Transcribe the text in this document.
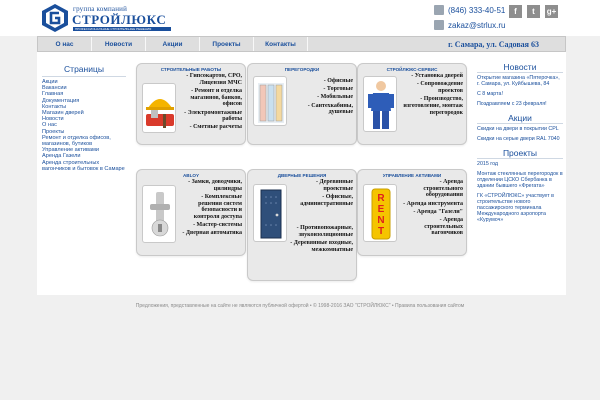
группа компаний
СТРОЙЛЮКС
ПРОФЕССИОНАЛЬНЫЕ СТРОИТЕЛЬНЫЕ РЕШЕНИЯ
(846) 333-40-51
zakaz@strlux.ru
f	t	g+
О нас	Новости	Акции	Проекты	Контакты	г. Самара, ул. Садовая 63
Страницы
Акции
Вакансии
Главная
Документация
Контакты
Магазин дверей
Новости
О нас
Проекты
Ремонт и отделка офисов, магазинов, бутиков
Управление активами
Аренда Газели
Аренда строительных вагончиков и бытовок в Самаре
СТРОИТЕЛЬНЫЕ РАБОТЫ
- Гипсокартон, СРО, Лицензия МЧС
- Ремонт и отделка магазинов, банков, офисов
- Электромонтажные работы
- Сметные расчеты
ПЕРЕГОРОДКИ
- Офисные
- Торговые
- Мобильные
- Сантехкабины, душевые
СТРОЙЛЮКС-СЕРВИС
- Установка дверей
- Сопровождение проектов
- Производство, изготовление, монтаж перегородок
ABLOY
- Замки, доводчики, цилиндры
- Комплексные решения систем безопасности и контроля доступа
- Мастер-системы
- Дверная автоматика
ДВЕРНЫЕ РЕШЕНИЯ
- Деревянные проектные
- Офисные, административные
- Противопожарные, звукоизоляционные
- Деревянные входные, межкомнатные
УПРАВЛЕНИЕ АКТИВАМИ
R
E
N
T
- Аренда строительного оборудования
- Аренда инструмента
- Аренда "Газели"
- Аренда строительных вагончиков
Новости
Открытие магазина «Пятерочка», г. Самара, ул. Куйбышева, 84
С 8 марта!
Поздравляем с 23 февраля!
Акции
Скидки на двери в покрытии CPL
Скидки на серые двери RAL 7040
Проекты
2015 год
Монтаж стеклянных перегородок в отделении ЦСКО Сбербанка в здании бывшего «Фрегата»
ГК «СТРОЙЛЮКС» участвует в строительстве нового пассажирского терминала Международного аэропорта «Курумоч»
Предложения, представленные на сайте не являются публичной офертой • © 1998-2016 ЗАО "СТРОЙЛЮКС" • Правила пользования сайтом
